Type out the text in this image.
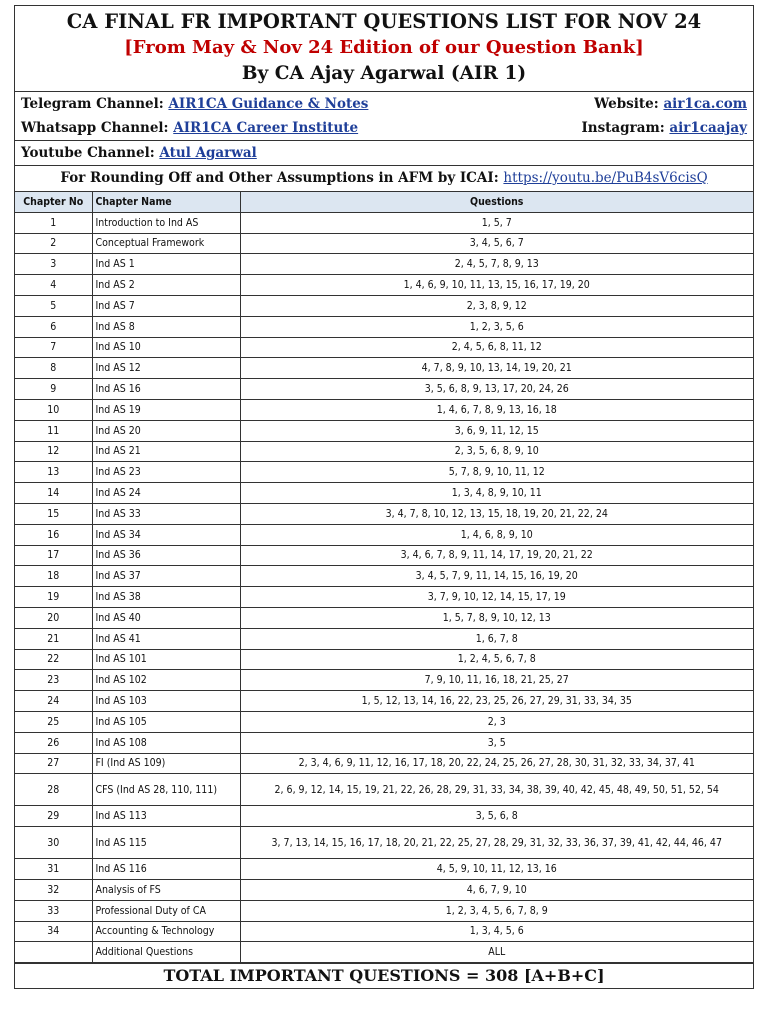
CA FINAL FR IMPORTANT QUESTIONS LIST FOR NOV 24
[From May & Nov 24 Edition of our Question Bank]
By CA Ajay Agarwal (AIR 1)
Telegram Channel: AIR1CA Guidance & Notes	Website: air1ca.com
Whatsapp Channel: AIR1CA Career Institute	Instagram: air1caajay
Youtube Channel: Atul Agarwal
For Rounding Off and Other Assumptions in AFM by ICAI: https://youtu.be/PuB4sV6cisQ
Chapter No	Chapter Name	Questions
1	Introduction to Ind AS	1, 5, 7
2	Conceptual Framework	3, 4, 5, 6, 7
3	Ind AS 1	2, 4, 5, 7, 8, 9, 13
4	Ind AS 2	1, 4, 6, 9, 10, 11, 13, 15, 16, 17, 19, 20
5	Ind AS 7	2, 3, 8, 9, 12
6	Ind AS 8	1, 2, 3, 5, 6
7	Ind AS 10	2, 4, 5, 6, 8, 11, 12
8	Ind AS 12	4, 7, 8, 9, 10, 13, 14, 19, 20, 21
9	Ind AS 16	3, 5, 6, 8, 9, 13, 17, 20, 24, 26
10	Ind AS 19	1, 4, 6, 7, 8, 9, 13, 16, 18
11	Ind AS 20	3, 6, 9, 11, 12, 15
12	Ind AS 21	2, 3, 5, 6, 8, 9, 10
13	Ind AS 23	5, 7, 8, 9, 10, 11, 12
14	Ind AS 24	1, 3, 4, 8, 9, 10, 11
15	Ind AS 33	3, 4, 7, 8, 10, 12, 13, 15, 18, 19, 20, 21, 22, 24
16	Ind AS 34	1, 4, 6, 8, 9, 10
17	Ind AS 36	3, 4, 6, 7, 8, 9, 11, 14, 17, 19, 20, 21, 22
18	Ind AS 37	3, 4, 5, 7, 9, 11, 14, 15, 16, 19, 20
19	Ind AS 38	3, 7, 9, 10, 12, 14, 15, 17, 19
20	Ind AS 40	1, 5, 7, 8, 9, 10, 12, 13
21	Ind AS 41	1, 6, 7, 8
22	Ind AS 101	1, 2, 4, 5, 6, 7, 8
23	Ind AS 102	7, 9, 10, 11, 16, 18, 21, 25, 27
24	Ind AS 103	1, 5, 12, 13, 14, 16, 22, 23, 25, 26, 27, 29, 31, 33, 34, 35
25	Ind AS 105	2, 3
26	Ind AS 108	3, 5
27	FI (Ind AS 109)	2, 3, 4, 6, 9, 11, 12, 16, 17, 18, 20, 22, 24, 25, 26, 27, 28, 30, 31, 32, 33, 34, 37, 41
28	CFS (Ind AS 28, 110, 111)	2, 6, 9, 12, 14, 15, 19, 21, 22, 26, 28, 29, 31, 33, 34, 38, 39, 40, 42, 45, 48, 49, 50, 51, 52, 54
29	Ind AS 113	3, 5, 6, 8
30	Ind AS 115	3, 7, 13, 14, 15, 16, 17, 18, 20, 21, 22, 25, 27, 28, 29, 31, 32, 33, 36, 37, 39, 41, 42, 44, 46, 47
31	Ind AS 116	4, 5, 9, 10, 11, 12, 13, 16
32	Analysis of FS	4, 6, 7, 9, 10
33	Professional Duty of CA	1, 2, 3, 4, 5, 6, 7, 8, 9
34	Accounting & Technology	1, 3, 4, 5, 6
	Additional Questions	ALL
TOTAL IMPORTANT QUESTIONS = 308 [A+B+C]
